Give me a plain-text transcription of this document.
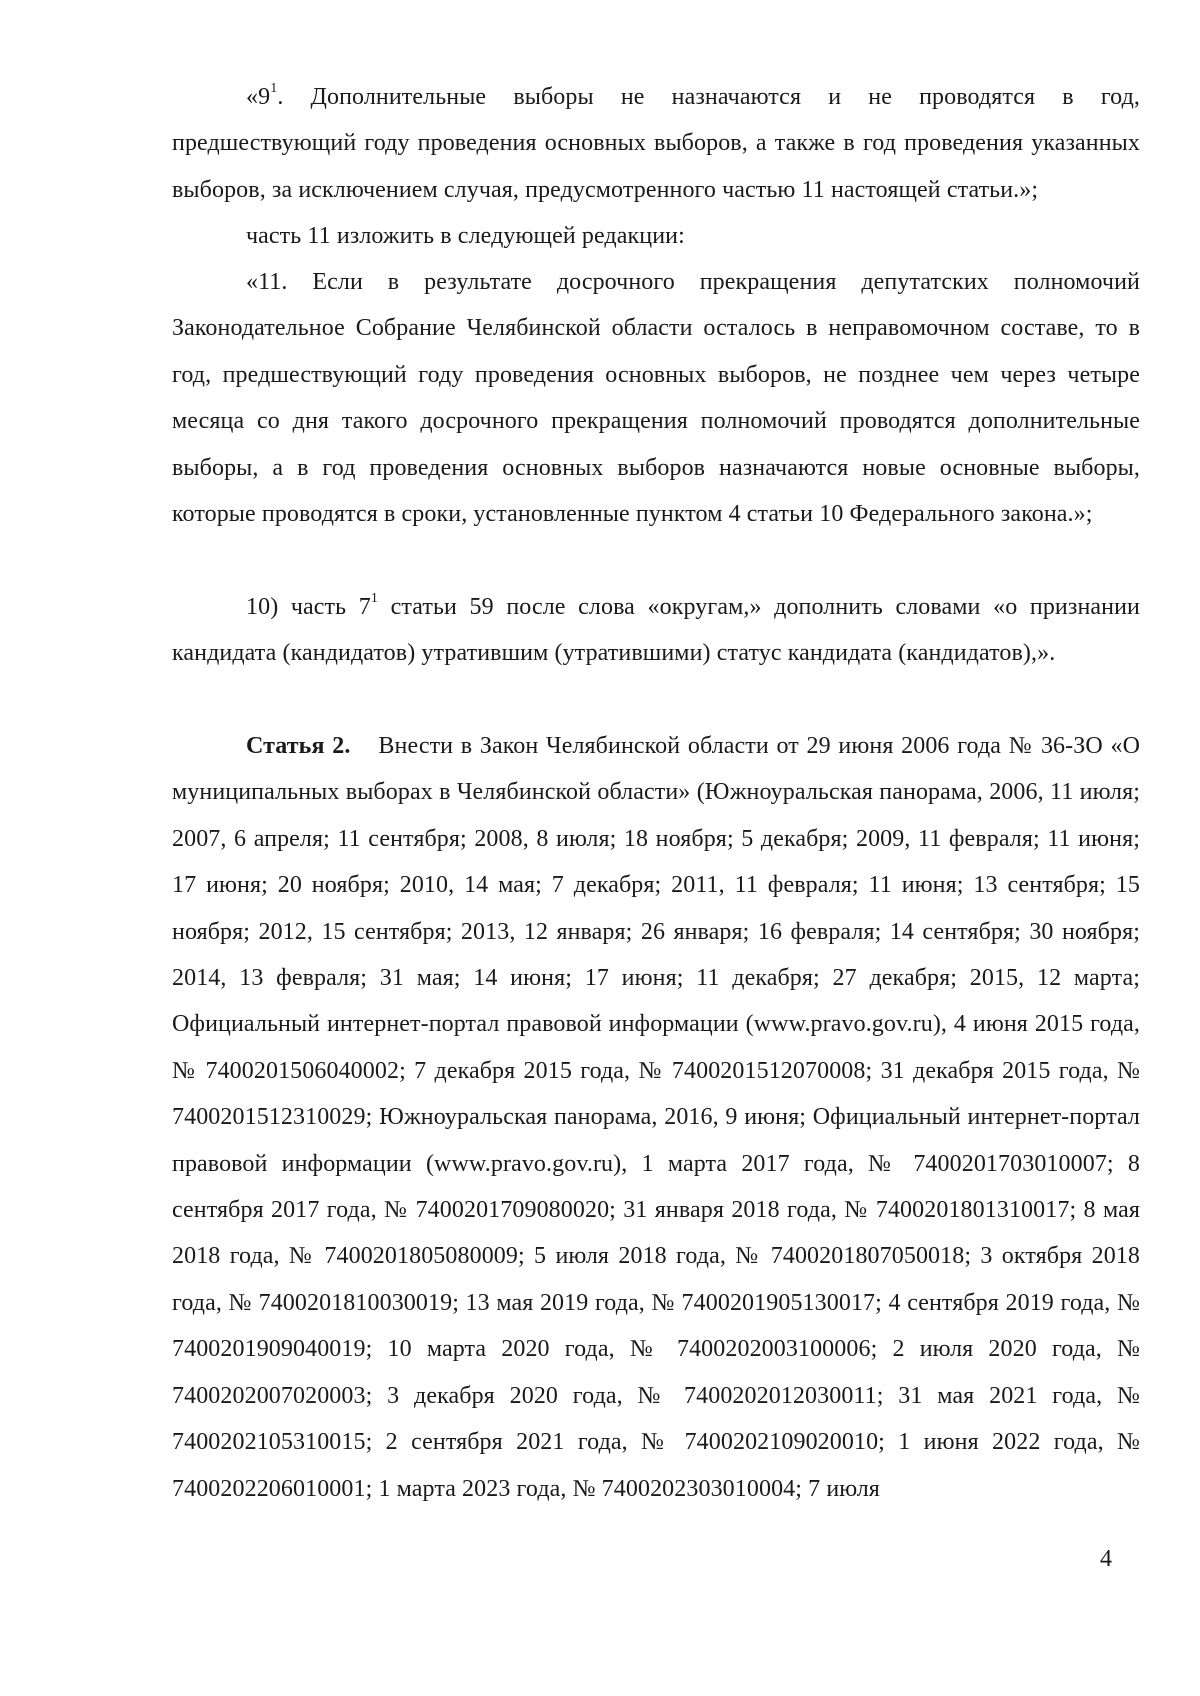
«$9^1$. Дополнительные выборы не назначаются и не проводятся в год, предшествующий году проведения основных выборов, а также в год проведения указанных выборов, за исключением случая, предусмотренного частью 11 настоящей статьи.»;

часть 11 изложить в следующей редакции:

«11. Если в результате досрочного прекращения депутатских полномочий Законодательное Собрание Челябинской области осталось в неправомочном составе, то в год, предшествующий году проведения основных выборов, не позднее чем через четыре месяца со дня такого досрочного прекращения полномочий проводятся дополнительные выборы, а в год проведения основных выборов назначаются новые основные выборы, которые проводятся в сроки, установленные пунктом 4 статьи 10 Федерального закона.»;

10) часть $7^1$ статьи 59 после слова «округам,» дополнить словами «о признании кандидата (кандидатов) утратившим (утратившими) статус кандидата (кандидатов),».

Статья 2. Внести в Закон Челябинской области от 29 июня 2006 года № 36-ЗО «О муниципальных выборах в Челябинской области» (Южноуральская панорама, 2006, 11 июля; 2007, 6 апреля; 11 сентября; 2008, 8 июля; 18 ноября; 5 декабря; 2009, 11 февраля; 11 июня; 17 июня; 20 ноября; 2010, 14 мая; 7 декабря; 2011, 11 февраля; 11 июня; 13 сентября; 15 ноября; 2012, 15 сентября; 2013, 12 января; 26 января; 16 февраля; 14 сентября; 30 ноября; 2014, 13 февраля; 31 мая; 14 июня; 17 июня; 11 декабря; 27 декабря; 2015, 12 марта; Официальный интернет-портал правовой информации (www.pravo.gov.ru), 4 июня 2015 года, № 7400201506040002; 7 декабря 2015 года, № 7400201512070008; 31 декабря 2015 года, № 7400201512310029; Южноуральская панорама, 2016, 9 июня; Официальный интернет-портал правовой информации (www.pravo.gov.ru), 1 марта 2017 года, № 7400201703010007; 8 сентября 2017 года, № 7400201709080020; 31 января 2018 года, № 7400201801310017; 8 мая 2018 года, № 7400201805080009; 5 июля 2018 года, № 7400201807050018; 3 октября 2018 года, № 7400201810030019; 13 мая 2019 года, № 7400201905130017; 4 сентября 2019 года, № 7400201909040019; 10 марта 2020 года, № 7400202003100006; 2 июля 2020 года, № 7400202007020003; 3 декабря 2020 года, № 7400202012030011; 31 мая 2021 года, № 7400202105310015; 2 сентября 2021 года, № 7400202109020010; 1 июня 2022 года, № 7400202206010001; 1 марта 2023 года, № 7400202303010004; 7 июля

4
